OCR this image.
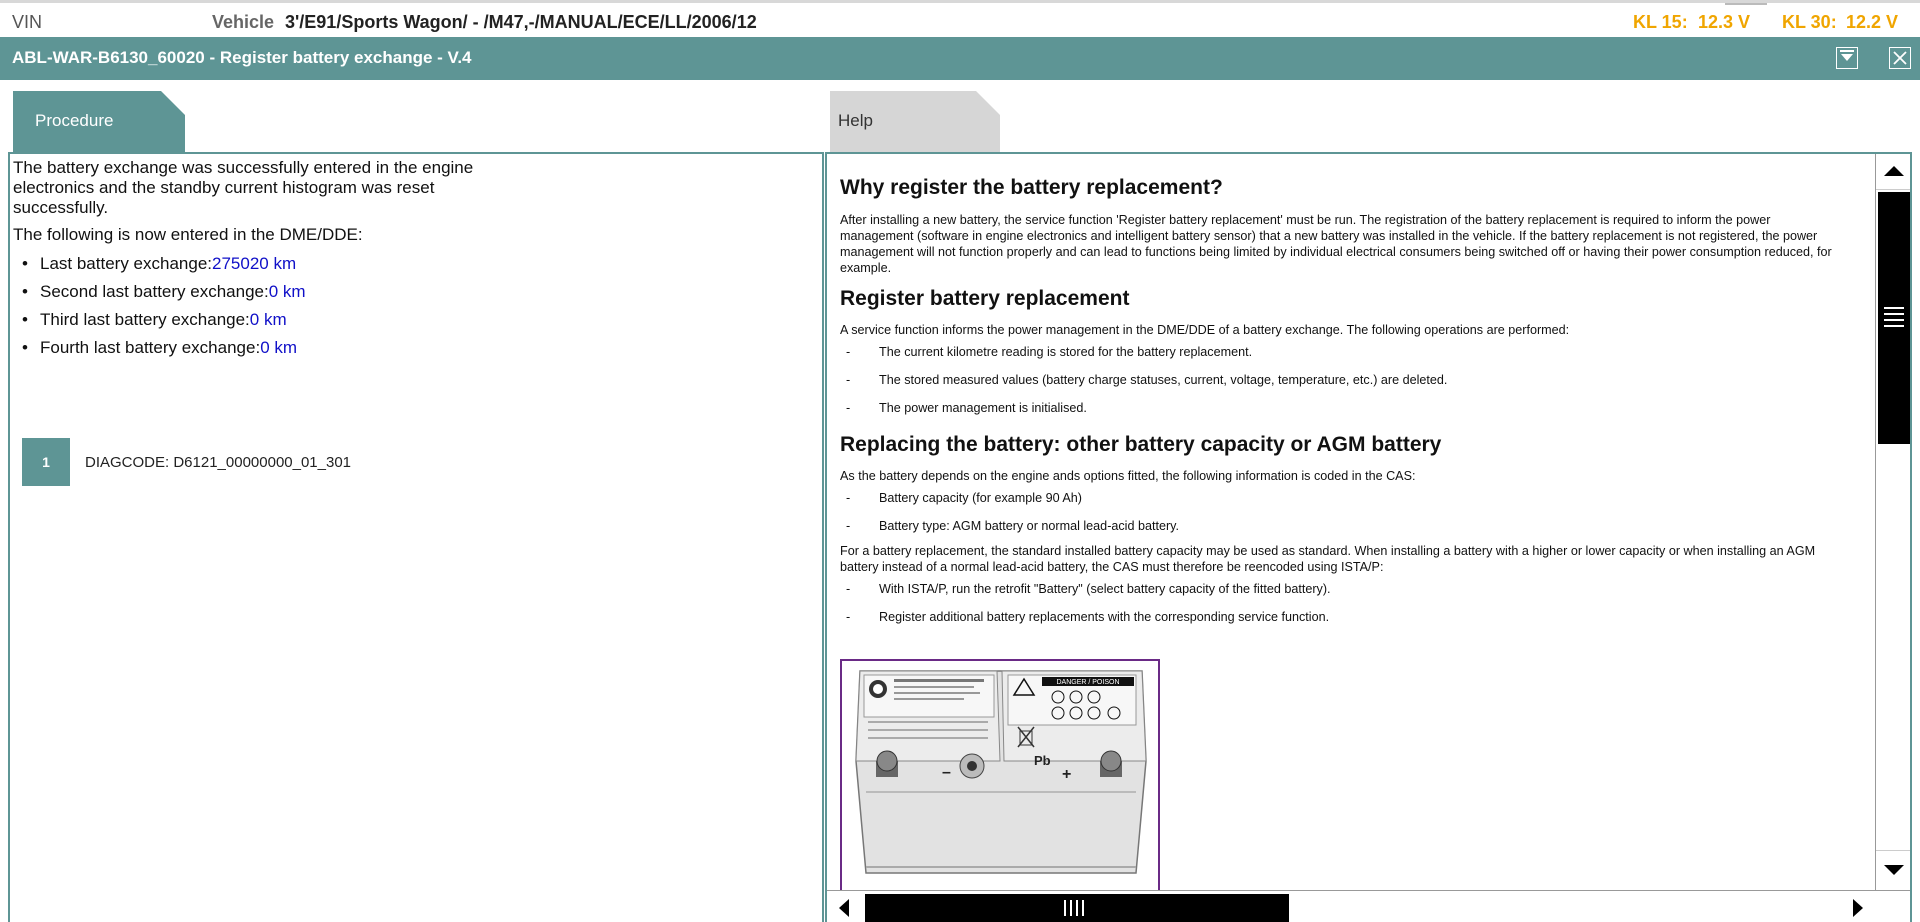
VIN	Vehicle 3'/E91/Sports Wagon/ - /M47,-/MANUAL/ECE/LL/2006/12	KL 15: 12.3 V KL 30: 12.2 V
ABL-WAR-B6130_60020 - Register battery exchange - V.4
Procedure	Help
The battery exchange was successfully entered in the engine electronics and the standby current histogram was reset successfully.
The following is now entered in the DME/DDE:
• Last battery exchange:275020 km
• Second last battery exchange:0 km
• Third last battery exchange:0 km
• Fourth last battery exchange:0 km
1	DIAGCODE: D6121_00000000_01_301
Why register the battery replacement?
After installing a new battery, the service function 'Register battery replacement' must be run. The registration of the battery replacement is required to inform the power management (software in engine electronics and intelligent battery sensor) that a new battery was installed in the vehicle. If the battery replacement is not registered, the power management will not function properly and can lead to functions being limited by individual electrical consumers being switched off or having their power consumption reduced, for example.
Register battery replacement
A service function informs the power management in the DME/DDE of a battery exchange. The following operations are performed:
- The current kilometre reading is stored for the battery replacement.
- The stored measured values (battery charge statuses, current, voltage, temperature, etc.) are deleted.
- The power management is initialised.
Replacing the battery: other battery capacity or AGM battery
As the battery depends on the engine ands options fitted, the following information is coded in the CAS:
- Battery capacity (for example 90 Ah)
- Battery type: AGM battery or normal lead-acid battery.
For a battery replacement, the standard installed battery capacity may be used as standard. When installing a battery with a higher or lower capacity or when installing an AGM battery instead of a normal lead-acid battery, the CAS must therefore be reencoded using ISTA/P:
- With ISTA/P, run the retrofit "Battery" (select battery capacity of the fitted battery).
- Register additional battery replacements with the corresponding service function.
DANGER / POISON
Pb
–	+
